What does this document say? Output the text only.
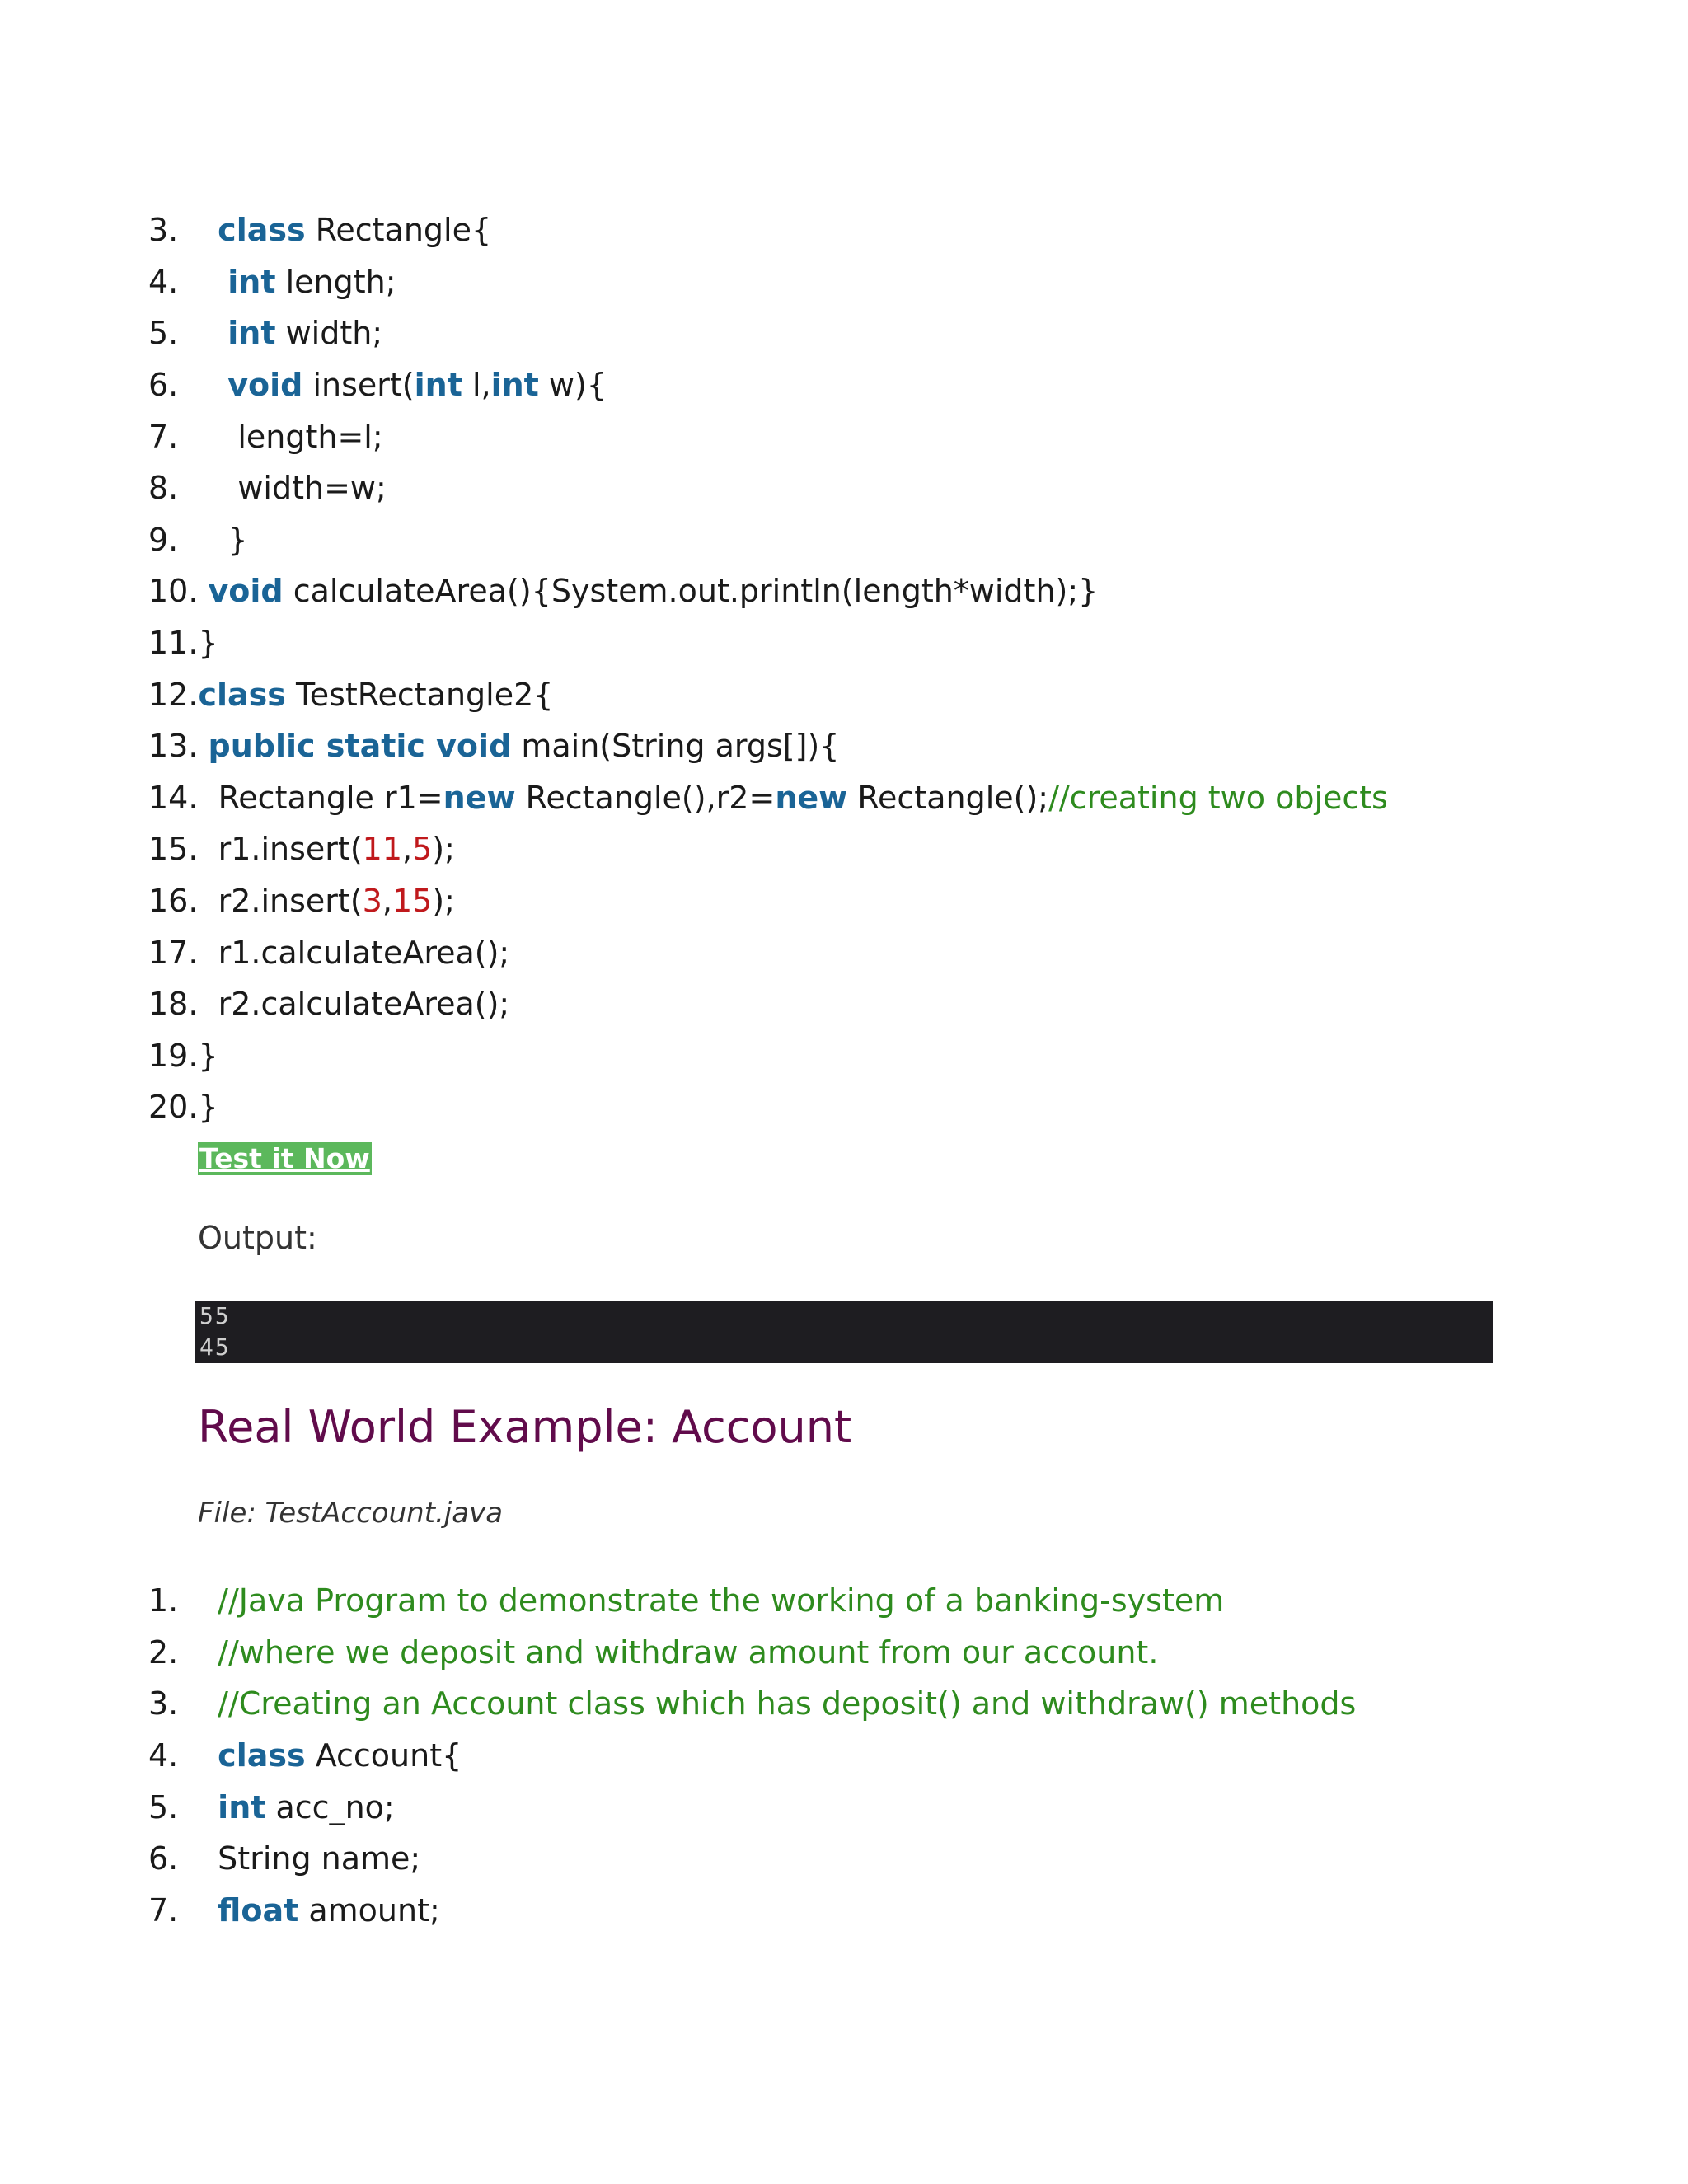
3.	class Rectangle{
4.	int length;
5.	int width;
6.	void insert(int l,int w){
7.	length=l;
8.	width=w;
9.	}
10. void calculateArea(){System.out.println(length*width);}
11. }
12. class TestRectangle2{
13. public static void main(String args[]){
14. Rectangle r1=new Rectangle(),r2=new Rectangle();//creating two objects
15. r1.insert(11,5);
16. r2.insert(3,15);
17. r1.calculateArea();
18. r2.calculateArea();
19. }
20. }
Test it Now
Output:
55
45
Real World Example: Account
File: TestAccount.java
1.	//Java Program to demonstrate the working of a banking-system
2.	//where we deposit and withdraw amount from our account.
3.	//Creating an Account class which has deposit() and withdraw() methods
4.	class Account{
5.	int acc_no;
6.	String name;
7.	float amount;
